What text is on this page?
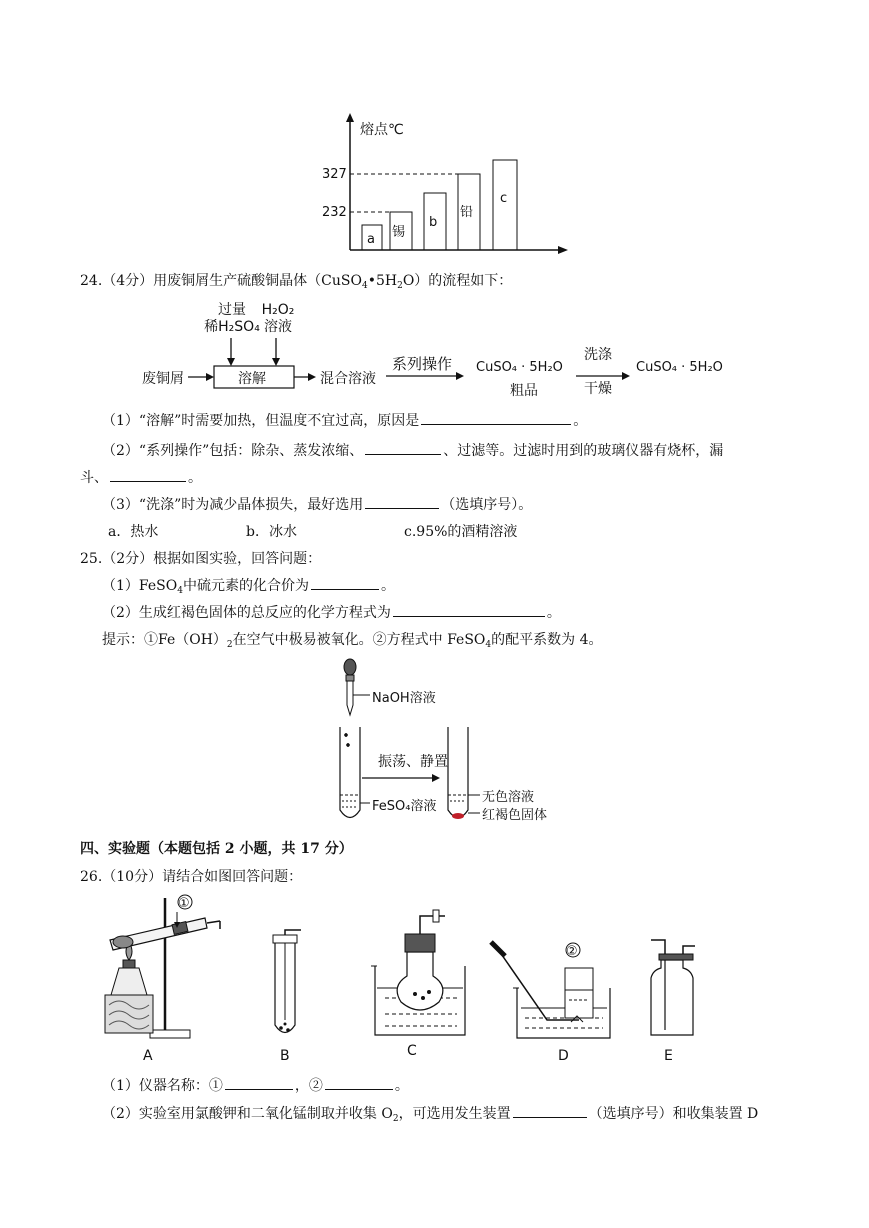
熔点℃
327
232
a 锡
b
铅
c
24.（4分）用废铜屑生产硫酸铜晶体$(CuSO_4•5H_2O)$的流程如下：
过量
稀H₂SO₄
H₂O₂
溶液
废铜屑	溶解	混合溶液
系列操作 CuSO₄ · 5H₂O
粗品
洗涤
干燥
CuSO₄ · 5H₂O
（1）“溶解”时需要加热，但温度不宜过高，原因是	。
（2）“系列操作”包括：除杂、蒸发浓缩、	、过滤等。过滤时用到的玻璃仪器有烧杯，漏
斗、	。
（3）“洗涤”时为减少晶体损失，最好选用	（选填序号）。
a．热水	b．冰水	c.95%的酒精溶液
25.（2分）根据如图实验，回答问题：
（1）FeSO$_4$中硫元素的化合价为	。
（2）生成红褐色固体的总反应的化学方程式为	。
提示：$①Fe(OH)_2$在空气中极易被氧化。②方程式中 FeSO$_4$的配平系数为 4。
NaOH溶液
振荡、静置
FeSO₄溶液
无色溶液
红褐色固体
四、实验题（本题包括 2 小题，共 17 分）
26.（10分）请结合如图回答问题：
①
A	B	C
②
D	E
（1）仪器名称：①	，②	。
（2）实验室用氯酸钾和二氧化锰制取并收集 $O_2$，可选用发生装置	（选填序号）和收集装置 D
